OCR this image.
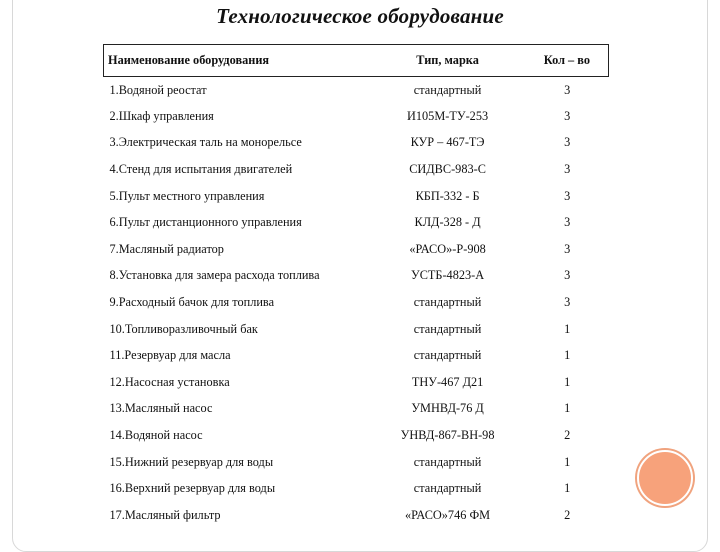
Технологическое оборудование
Наименование оборудования	Тип, марка	Кол – во
1.Водяной реостат	стандартный	3
2.Шкаф управления	И105М-ТУ-253	3
3.Электрическая таль на монорельсе	КУР – 467-ТЭ	3
4.Стенд для испытания двигателей	СИДВС-983-С	3
5.Пульт местного управления	КБП-332 - Б	3
6.Пульт дистанционного управления	КЛД-328 - Д	3
7.Масляный радиатор	«РАСО»-Р-908	3
8.Установка для замера расхода топлива	УСТБ-4823-А	3
9.Расходный бачок для топлива	стандартный	3
10.Топливоразливочный бак	стандартный	1
11.Резервуар для масла	стандартный	1
12.Насосная установка	ТНУ-467 Д21	1
13.Масляный насос	УМНВД-76 Д	1
14.Водяной насос	УНВД-867-ВН-98	2
15.Нижний резервуар для воды	стандартный	1
16.Верхний резервуар для воды	стандартный	1
17.Масляный фильтр	«РАСО»746 ФМ	2
